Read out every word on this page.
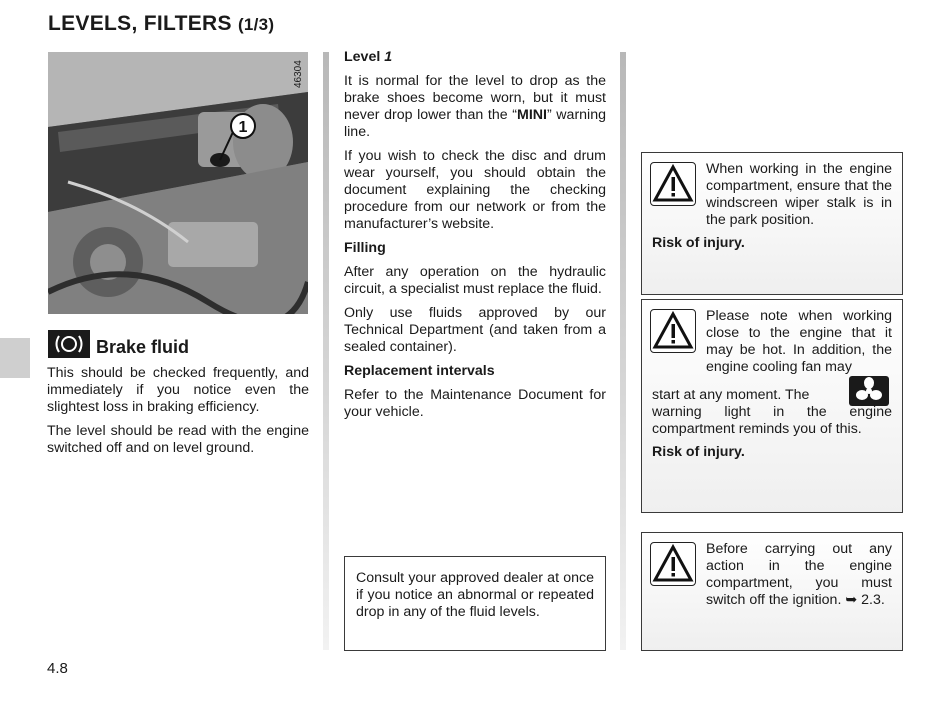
LEVELS, FILTERS (1/3)
1
46304
Brake fluid

This should be checked frequently, and immediately if you notice even the slightest loss in braking efficiency.

The level should be read with the engine switched off and on level ground.

Level 1

It is normal for the level to drop as the brake shoes become worn, but it must never drop lower than the “MINI” warning line.

If you wish to check the disc and drum wear yourself, you should obtain the document explaining the checking procedure from our network or from the manufacturer’s website.

Filling

After any operation on the hydraulic circuit, a specialist must replace the fluid.

Only use fluids approved by our Technical Department (and taken from a sealed container).

Replacement intervals

Refer to the Maintenance Document for your vehicle.

Consult your approved dealer at once if you notice an abnormal or repeated drop in any of the fluid levels.

When working in the engine compartment, ensure that the windscreen wiper stalk is in the park position.

Risk of injury.

Please note when working close to the engine that it may be hot. In addition, the engine cooling fan may

start at any moment. The

warning light in the engine compartment reminds you of this.

Risk of injury.

Before carrying out any action in the engine compartment, you must switch off the ignition. ➥ 2.3.

4.8
